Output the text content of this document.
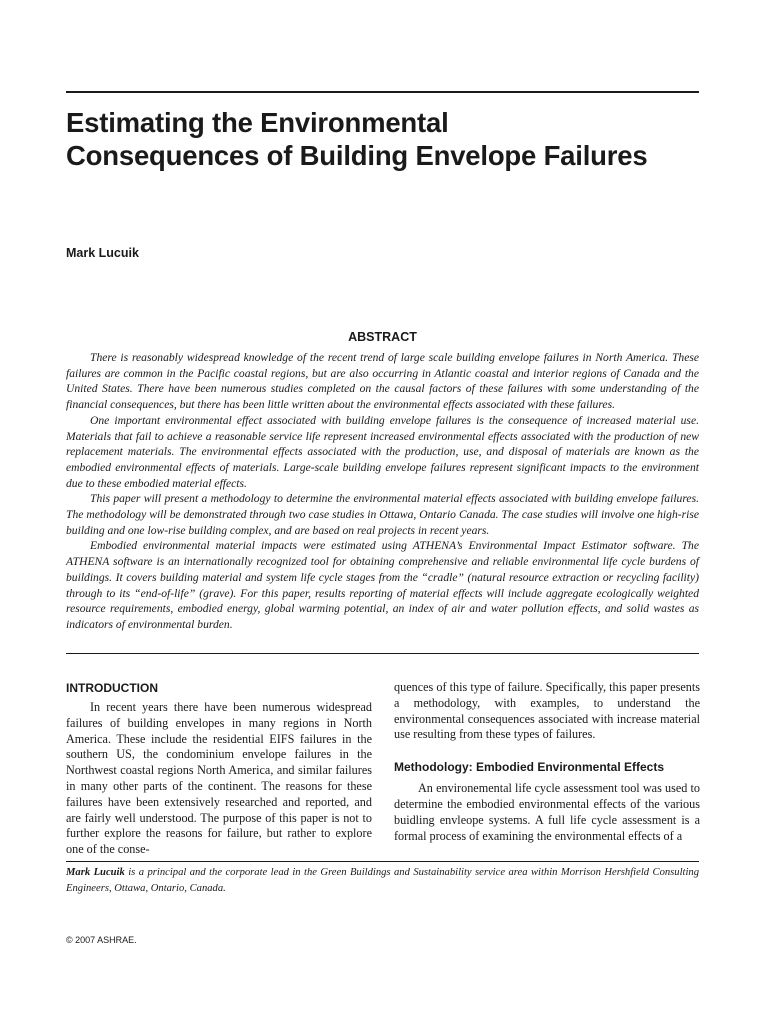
Estimating the Environmental
Consequences of Building Envelope Failures
Mark Lucuik
ABSTRACT

There is reasonably widespread knowledge of the recent trend of large scale building envelope failures in North America. These failures are common in the Pacific coastal regions, but are also occurring in Atlantic coastal and interior regions of Canada and the United States. There have been numerous studies completed on the causal factors of these failures with some understanding of the financial consequences, but there has been little written about the environmental effects associated with these failures.

One important environmental effect associated with building envelope failures is the consequence of increased material use. Materials that fail to achieve a reasonable service life represent increased environmental effects associated with the production of new replacement materials. The environmental effects associated with the production, use, and disposal of materials are known as the embodied environmental effects of materials. Large-scale building envelope failures represent significant impacts to the environment due to these embodied material effects.

This paper will present a methodology to determine the environmental material effects associated with building envelope failures. The methodology will be demonstrated through two case studies in Ottawa, Ontario Canada. The case studies will involve one high-rise building and one low-rise building complex, and are based on real projects in recent years.

Embodied environmental material impacts were estimated using ATHENA’s Environmental Impact Estimator software. The ATHENA software is an internationally recognized tool for obtaining comprehensive and reliable environmental life cycle burdens of buildings. It covers building material and system life cycle stages from the “cradle” (natural resource extraction or recycling facility) through to its “end-of-life” (grave). For this paper, results reporting of material effects will include aggregate ecologically weighted resource requirements, embodied energy, global warming potential, an index of air and water pollution effects, and solid wastes as indicators of environmental burden.

INTRODUCTION

In recent years there have been numerous widespread failures of building envelopes in many regions in North America. These include the residential EIFS failures in the southern US, the condominium envelope failures in the Northwest coastal regions North America, and similar failures in many other parts of the continent. The reasons for these failures have been extensively researched and reported, and are fairly well understood. The purpose of this paper is not to further explore the reasons for failure, but rather to explore one of the conse-

quences of this type of failure. Specifically, this paper presents a methodology, with examples, to understand the environmental consequences associated with increase material use resulting from these types of failures.

Methodology: Embodied Environmental Effects

An environemental life cycle assessment tool was used to determine the embodied environmental effects of the various buidling envleope systems. A full life cycle assessment is a formal process of examining the environmental effects of a

Mark Lucuik is a principal and the corporate lead in the Green Buildings and Sustainability service area within Morrison Hershfield Consulting Engineers, Ottawa, Ontario, Canada.
© 2007 ASHRAE.
